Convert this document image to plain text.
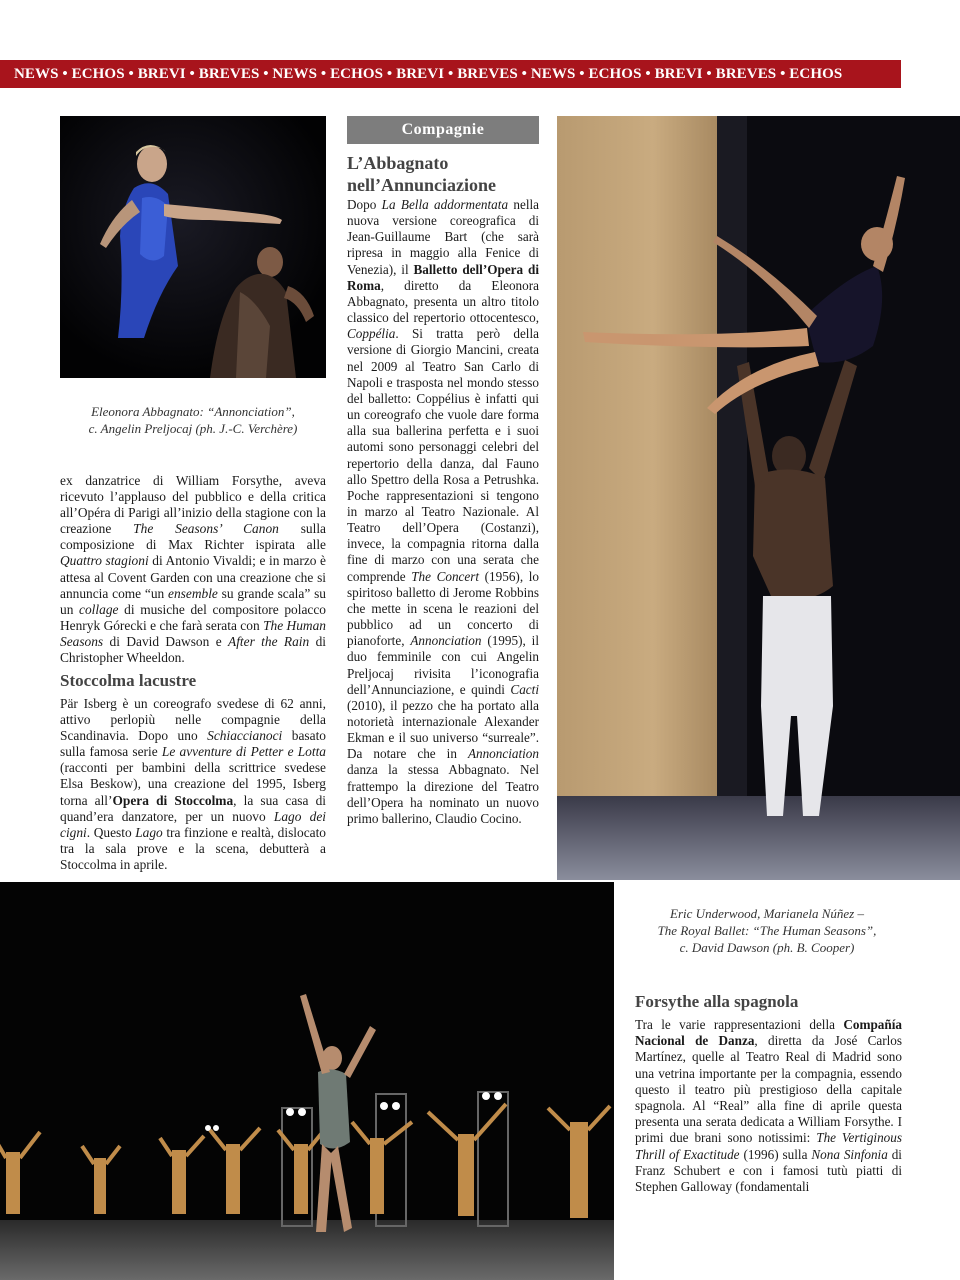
NEWS • ECHOS • BREVI • BREVES • NEWS • ECHOS • BREVI • BREVES • NEWS • ECHOS • BREVI • BREVES • ECHOS
Eleonora Abbagnato: “Annonciation”,
c. Angelin Preljocaj (ph. J.-C. Verchère)

ex danzatrice di William Forsythe, aveva ricevuto l’applauso del pubblico e della critica all’Opéra di Parigi all’inizio della stagione con la creazione The Seasons’ Canon sulla composizione di Max Richter ispirata alle Quattro stagioni di Antonio Vivaldi; e in marzo è attesa al Covent Garden con una creazione che si annuncia come “un ensemble su grande scala” su un collage di musiche del compositore polacco Henryk Górecki e che farà serata con The Human Seasons di David Dawson e After the Rain di Christopher Wheeldon.

Stoccolma lacustre

Pär Isberg è un coreografo svedese di 62 anni, attivo perlopiù nelle compagnie della Scandinavia. Dopo uno Schiaccianoci basato sulla famosa serie Le avventure di Petter e Lotta (racconti per bambini della scrittrice svedese Elsa Beskow), una creazione del 1995, Isberg torna all’Opera di Stoccolma, la sua casa di quand’era danzatore, per un nuovo Lago dei cigni. Questo Lago tra finzione e realtà, dislocato tra la sala prove e la scena, debutterà a Stoccolma in aprile.

Compagnie
L’Abbagnato nell’Annunciazione

Dopo La Bella addormentata nella nuova versione coreografica di Jean-Guillaume Bart (che sarà ripresa in maggio alla Fenice di Venezia), il Balletto dell’Opera di Roma, diretto da Eleonora Abbagnato, presenta un altro titolo classico del repertorio ottocentesco, Coppélia. Si tratta però della versione di Giorgio Mancini, creata nel 2009 al Teatro San Carlo di Napoli e trasposta nel mondo stesso del balletto: Coppélius è infatti qui un coreografo che vuole dare forma alla sua ballerina perfetta e i suoi automi sono personaggi celebri del repertorio della danza, dal Fauno allo Spettro della Rosa a Petrushka. Poche rappresentazioni si tengono in marzo al Teatro Nazionale. Al Teatro dell’Opera (Costanzi), invece, la compagnia ritorna dalla fine di marzo con una serata che comprende The Concert (1956), lo spiritoso balletto di Jerome Robbins che mette in scena le reazioni del pubblico ad un concerto di pianoforte, Annonciation (1995), il duo femminile con cui Angelin Preljocaj rivisita l’iconografia dell’Annunciazione, e quindi Cacti (2010), il pezzo che ha portato alla notorietà internazionale Alexander Ekman e il suo universo “surreale”. Da notare che in Annonciation danza la stessa Abbagnato. Nel frattempo la direzione del Teatro dell’Opera ha nominato un nuovo primo ballerino, Claudio Cocino.

Eric Underwood, Marianela Núñez –
The Royal Ballet: “The Human Seasons”,
c. David Dawson (ph. B. Cooper)
Forsythe alla spagnola

Tra le varie rappresentazioni della Compañía Nacional de Danza, diretta da José Carlos Martínez, quelle al Teatro Real di Madrid sono una vetrina importante per la compagnia, essendo questo il teatro più prestigioso della capitale spagnola. Al “Real” alla fine di aprile questa presenta una serata dedicata a William Forsythe. I primi due brani sono notissimi: The Vertiginous Thrill of Exactitude (1996) sulla Nona Sinfonia di Franz Schubert e con i famosi tutù piatti di Stephen Galloway (fondamentali
